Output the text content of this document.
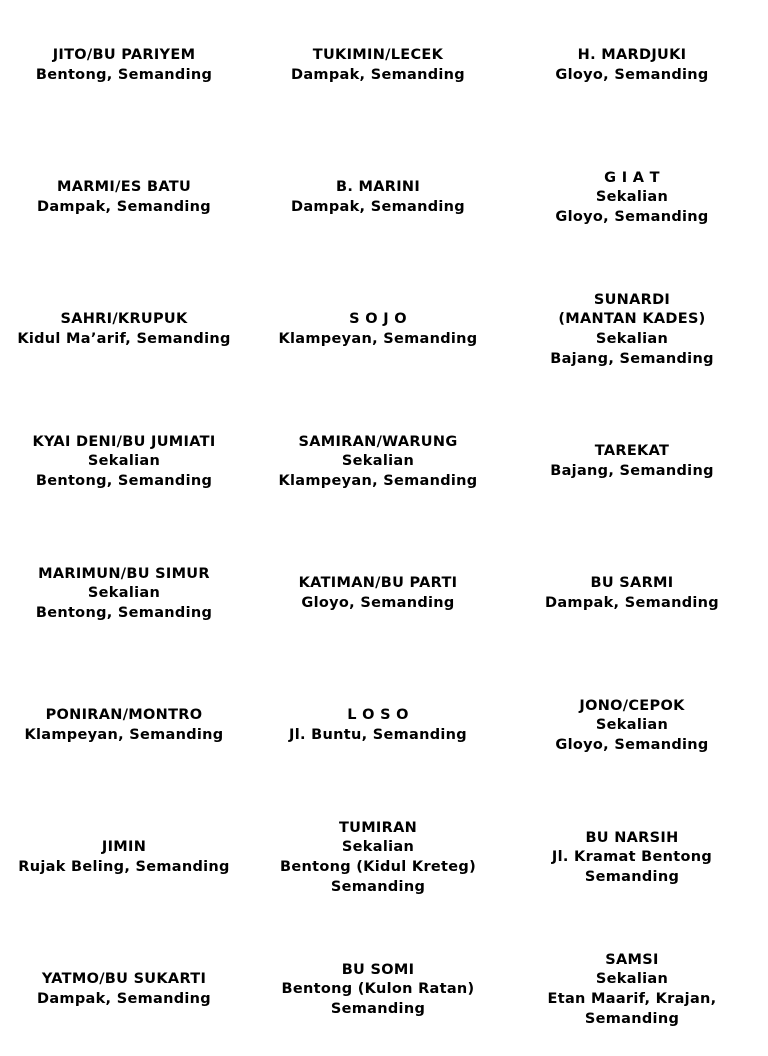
JITO/BU PARIYEM
Bentong, Semanding
TUKIMIN/LECEK
Dampak, Semanding
H. MARDJUKI
Gloyo, Semanding
MARMI/ES BATU
Dampak, Semanding
B. MARINI
Dampak, Semanding
G I A T
Sekalian
Gloyo, Semanding
SAHRI/KRUPUK
Kidul Ma’arif, Semanding
S O J O
Klampeyan, Semanding
SUNARDI
(MANTAN KADES)
Sekalian
Bajang, Semanding
KYAI DENI/BU JUMIATI
Sekalian
Bentong, Semanding
SAMIRAN/WARUNG
Sekalian
Klampeyan, Semanding
TAREKAT
Bajang, Semanding
MARIMUN/BU SIMUR
Sekalian
Bentong, Semanding
KATIMAN/BU PARTI
Gloyo, Semanding
BU SARMI
Dampak, Semanding
PONIRAN/MONTRO
Klampeyan, Semanding
L O S O
Jl. Buntu, Semanding
JONO/CEPOK
Sekalian
Gloyo, Semanding
JIMIN
Rujak Beling, Semanding
TUMIRAN
Sekalian
Bentong (Kidul Kreteg)
Semanding
BU NARSIH
Jl. Kramat Bentong
Semanding
YATMO/BU SUKARTI
Dampak, Semanding
BU SOMI
Bentong (Kulon Ratan)
Semanding
SAMSI
Sekalian
Etan Maarif, Krajan,
Semanding
